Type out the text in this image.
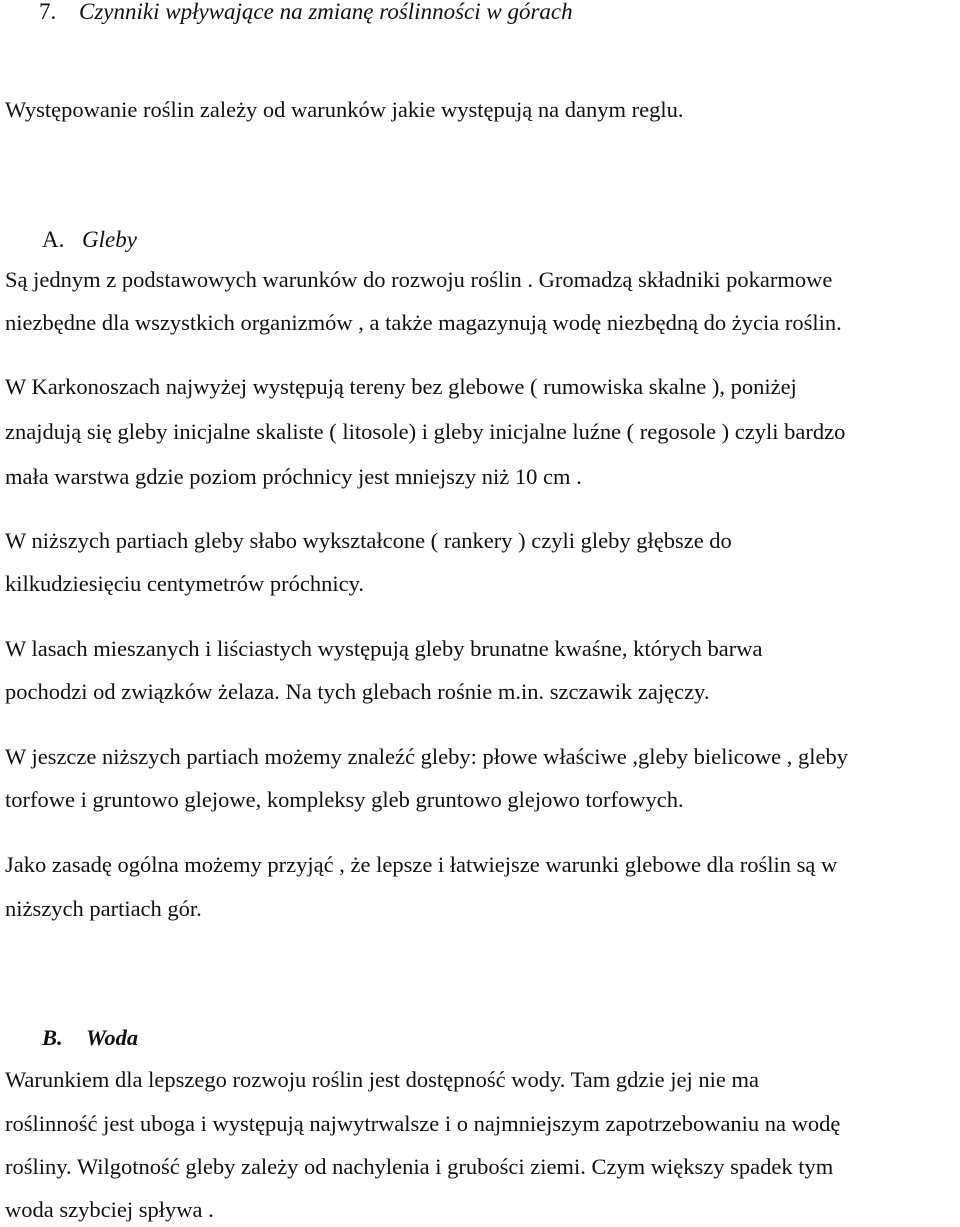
7. Czynniki wpływające na zmianę roślinności w górach
Występowanie roślin zależy od warunków jakie występują na danym reglu.
A. Gleby
Są jednym z podstawowych warunków do rozwoju roślin . Gromadzą składniki pokarmowe
niezbędne dla wszystkich organizmów , a także magazynują wodę niezbędną do życia roślin.
W Karkonoszach najwyżej występują tereny bez glebowe ( rumowiska skalne ), poniżej
znajdują się gleby inicjalne skaliste ( litosole) i gleby inicjalne luźne ( regosole ) czyli bardzo
mała warstwa gdzie poziom próchnicy jest mniejszy niż 10 cm .
W niższych partiach gleby słabo wykształcone ( rankery ) czyli gleby głębsze do
kilkudziesięciu centymetrów próchnicy.
W lasach mieszanych i liściastych występują gleby brunatne kwaśne, których barwa
pochodzi od związków żelaza. Na tych glebach rośnie m.in. szczawik zajęczy.
W jeszcze niższych partiach możemy znaleźć gleby: płowe właściwe ,gleby bielicowe , gleby
torfowe i gruntowo glejowe, kompleksy gleb gruntowo glejowo torfowych.
Jako zasadę ogólna możemy przyjąć , że lepsze i łatwiejsze warunki glebowe dla roślin są w
niższych partiach gór.
B. Woda
Warunkiem dla lepszego rozwoju roślin jest dostępność wody. Tam gdzie jej nie ma
roślinność jest uboga i występują najwytrwalsze i o najmniejszym zapotrzebowaniu na wodę
rośliny. Wilgotność gleby zależy od nachylenia i grubości ziemi. Czym większy spadek tym
woda szybciej spływa .
